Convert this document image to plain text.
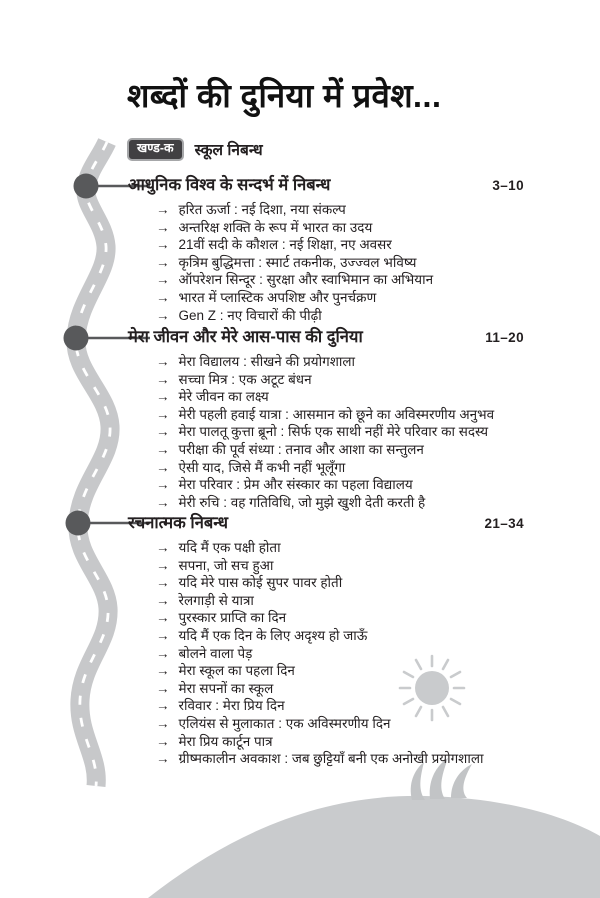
शब्दों की दुनिया में प्रवेश...
खण्ड-क	स्कूल निबन्ध
आधुनिक विश्व के सन्दर्भ में निबन्ध	3–10
→ हरित ऊर्जा : नई दिशा, नया संकल्प
→ अन्तरिक्ष शक्ति के रूप में भारत का उदय
→ 21वीं सदी के कौशल : नई शिक्षा, नए अवसर
→ कृत्रिम बुद्धिमत्ता : स्मार्ट तकनीक, उज्ज्वल भविष्य
→ ऑपरेशन सिन्दूर : सुरक्षा और स्वाभिमान का अभियान
→ भारत में प्लास्टिक अपशिष्ट और पुनर्चक्रण
→ Gen Z : नए विचारों की पीढ़ी
मेरा जीवन और मेरे आस-पास की दुनिया	11–20
→ मेरा विद्यालय : सीखने की प्रयोगशाला
→ सच्चा मित्र : एक अटूट बंधन
→ मेरे जीवन का लक्ष्य
→ मेरी पहली हवाई यात्रा : आसमान को छूने का अविस्मरणीय अनुभव
→ मेरा पालतू कुत्ता ब्रूनो : सिर्फ एक साथी नहीं मेरे परिवार का सदस्य
→ परीक्षा की पूर्व संध्या : तनाव और आशा का सन्तुलन
→ ऐसी याद, जिसे मैं कभी नहीं भूलूँगा
→ मेरा परिवार : प्रेम और संस्कार का पहला विद्यालय
→ मेरी रुचि : वह गतिविधि, जो मुझे खुशी देती करती है
रचनात्मक निबन्ध	21–34
→ यदि मैं एक पक्षी होता
→ सपना, जो सच हुआ
→ यदि मेरे पास कोई सुपर पावर होती
→ रेलगाड़ी से यात्रा
→ पुरस्कार प्राप्ति का दिन
→ यदि मैं एक दिन के लिए अदृश्य हो जाऊँ
→ बोलने वाला पेड़
→ मेरा स्कूल का पहला दिन
→ मेरा सपनों का स्कूल
→ रविवार : मेरा प्रिय दिन
→ एलियंस से मुलाकात : एक अविस्मरणीय दिन
→ मेरा प्रिय कार्टून पात्र
→ ग्रीष्मकालीन अवकाश : जब छुट्टियाँ बनी एक अनोखी प्रयोगशाला
